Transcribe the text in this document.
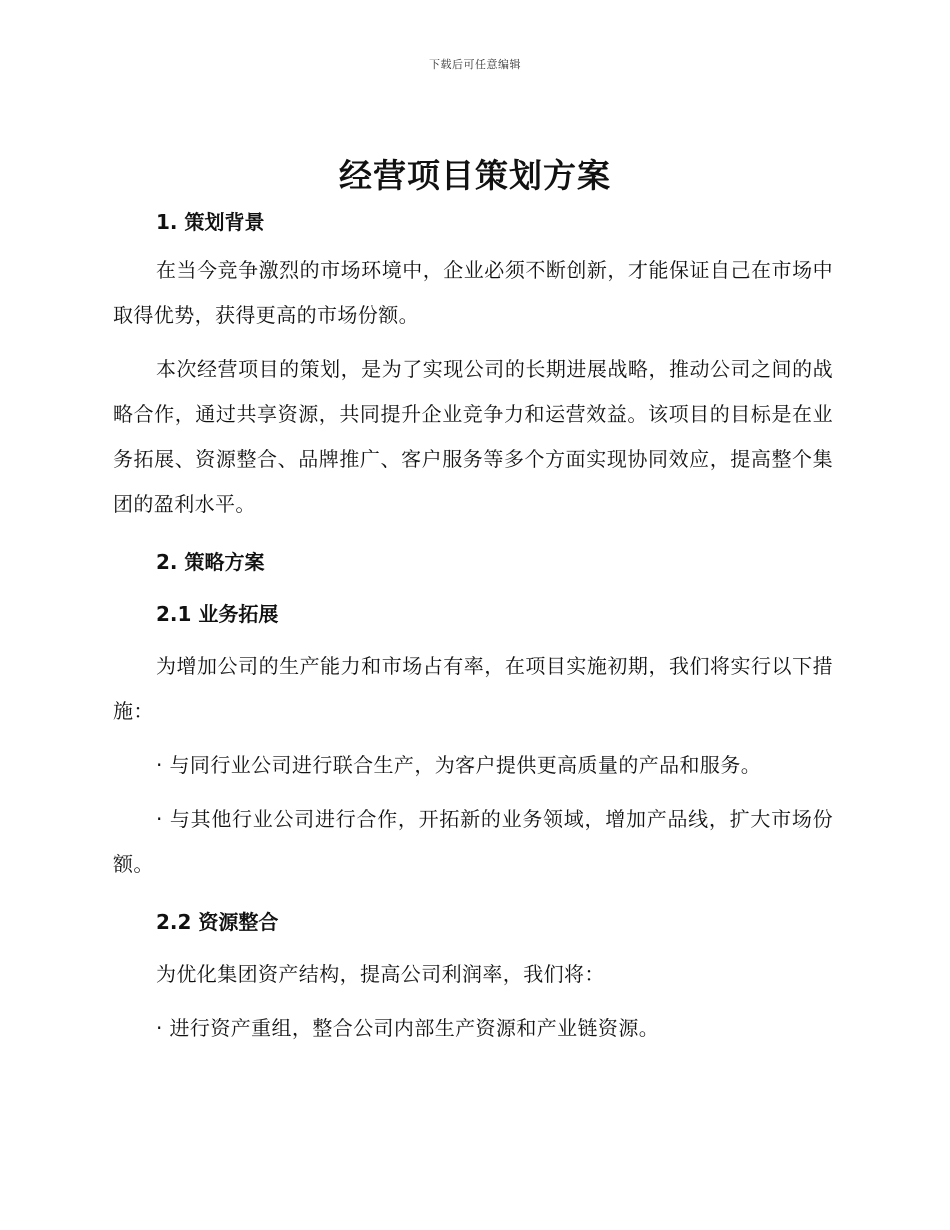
下载后可任意编辑
经营项目策划方案
1. 策划背景

在当今竞争激烈的市场环境中，企业必须不断创新，才能保证自己在市场中取得优势，获得更高的市场份额。

本次经营项目的策划，是为了实现公司的长期进展战略，推动公司之间的战略合作，通过共享资源，共同提升企业竞争力和运营效益。该项目的目标是在业务拓展、资源整合、品牌推广、客户服务等多个方面实现协同效应，提高整个集团的盈利水平。

2. 策略方案
2.1 业务拓展

为增加公司的生产能力和市场占有率，在项目实施初期，我们将实行以下措施：

· 与同行业公司进行联合生产，为客户提供更高质量的产品和服务。

· 与其他行业公司进行合作，开拓新的业务领域，增加产品线，扩大市场份额。

2.2 资源整合

为优化集团资产结构，提高公司利润率，我们将：

· 进行资产重组，整合公司内部生产资源和产业链资源。
